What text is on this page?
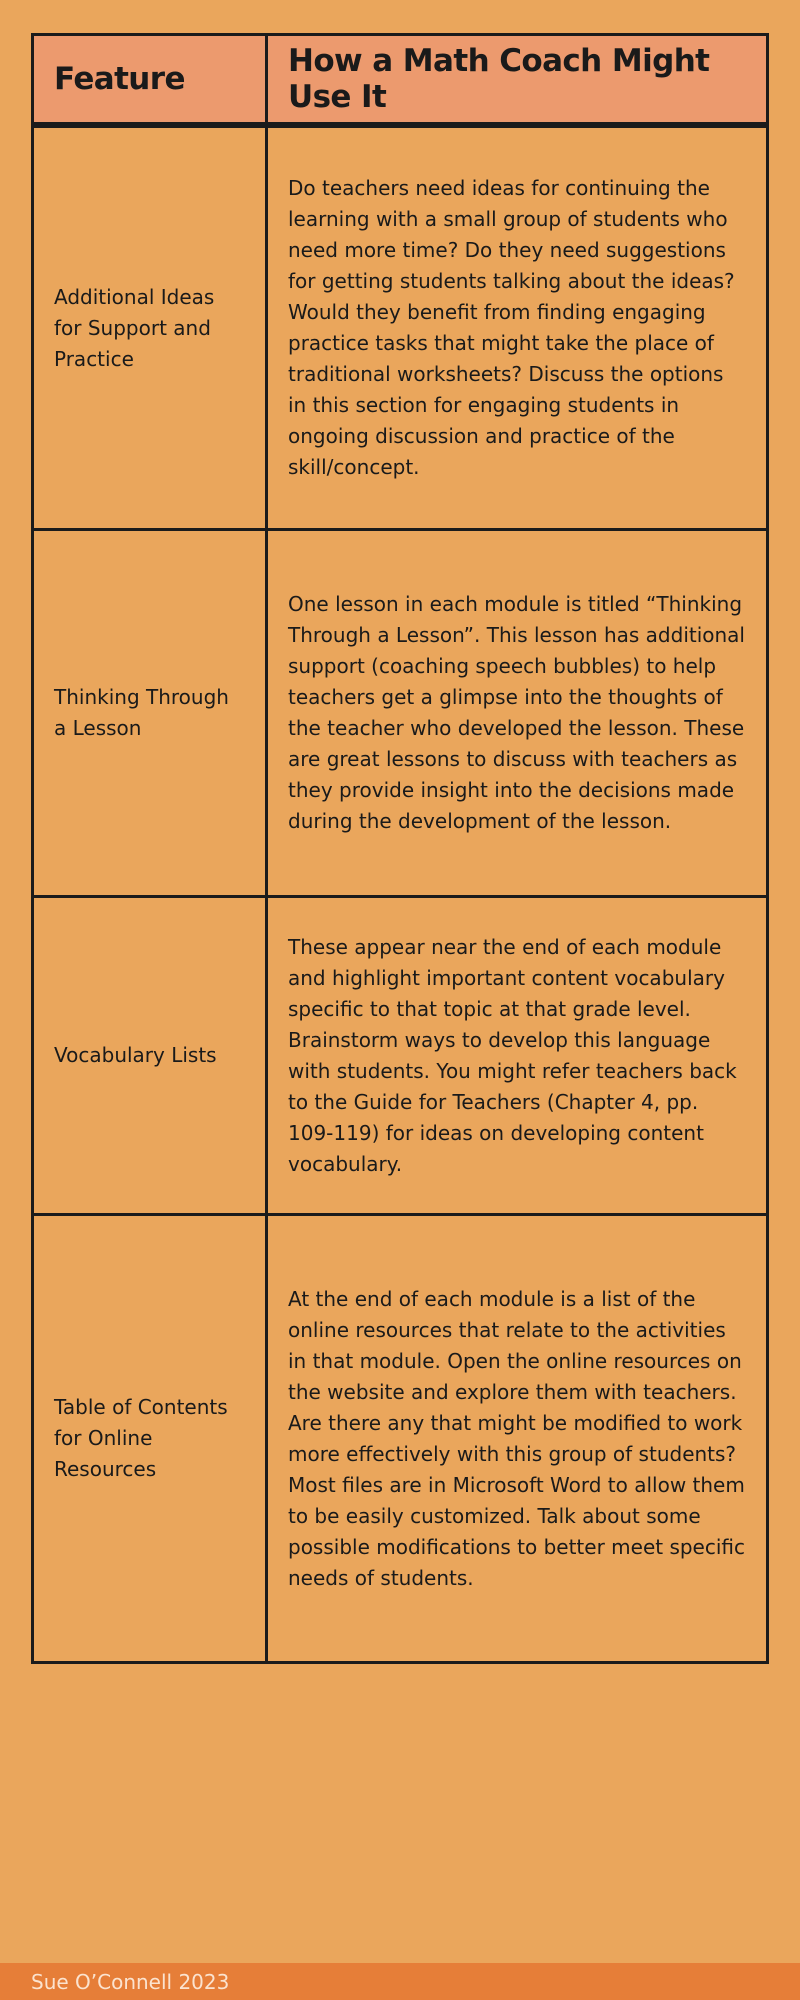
Feature	How a Math Coach Might Use It
Additional Ideas for Support and Practice
Do teachers need ideas for continuing the learning with a small group of students who need more time? Do they need suggestions for getting students talking about the ideas? Would they benefit from finding engaging practice tasks that might take the place of traditional worksheets? Discuss the options in this section for engaging students in ongoing discussion and practice of the skill/concept.
Thinking Through a Lesson
One lesson in each module is titled “Thinking Through a Lesson”. This lesson has additional support (coaching speech bubbles) to help teachers get a glimpse into the thoughts of the teacher who developed the lesson. These are great lessons to discuss with teachers as they provide insight into the decisions made during the development of the lesson.
Vocabulary Lists
These appear near the end of each module and highlight important content vocabulary specific to that topic at that grade level. Brainstorm ways to develop this language with students. You might refer teachers back to the Guide for Teachers (Chapter 4, pp. 109-119) for ideas on developing content vocabulary.
Table of Contents for Online Resources
At the end of each module is a list of the online resources that relate to the activities in that module. Open the online resources on the website and explore them with teachers. Are there any that might be modified to work more effectively with this group of students? Most files are in Microsoft Word to allow them to be easily customized. Talk about some possible modifications to better meet specific needs of students.
Sue O’Connell 2023
